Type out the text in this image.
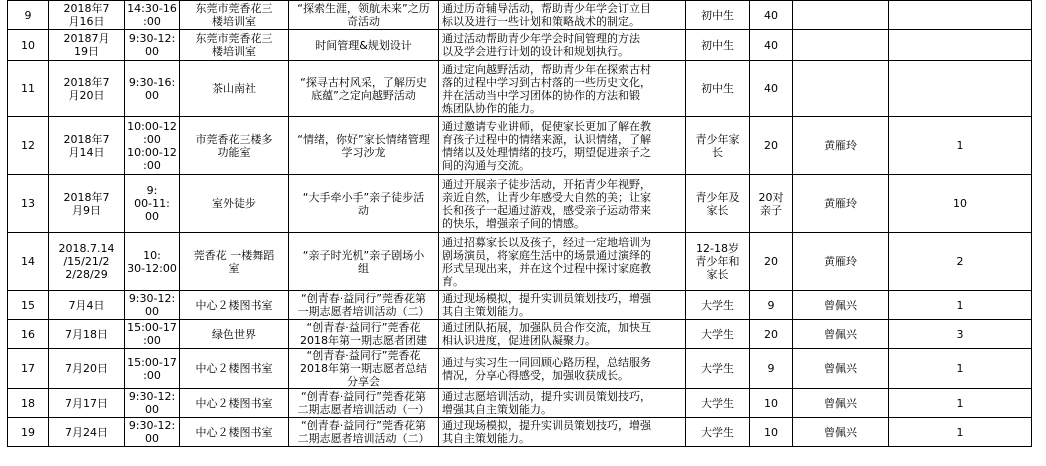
9	2018年7
月16日	14:30-16
:00	东莞市莞香花三
楼培训室	“探索生涯，领航未来”之历
奇活动	通过历奇辅导活动，帮助青少年学会订立目
标以及进行一些计划和策略战术的制定。	初中生	40		
10	20187月
19日	9:30-12:
00	东莞市莞香花三
楼培训室	时间管理&规划设计	通过活动帮助青少年学会时间管理的方法
以及学会进行计划的设计和规划执行。	初中生	40		
11	2018年7
月20日	9:30-16:
00	茶山南社	“探寻古村风采，了解历史
底蕴”之定向越野活动	通过定向越野活动，帮助青少年在探索古村
落的过程中学习到古村落的一些历史文化，
并在活动当中学习团体的协作的方法和锻
炼团队协作的能力。	初中生	40		
12	2018年7
月14日	10:00-12
:00
10:00-12
:00	市莞香花三楼多
功能室	“情绪，你好”家长情绪管理
学习沙龙	通过邀请专业讲师，促使家长更加了解在教
育孩子过程中的情绪来源，认识情绪，了解
情绪以及处理情绪的技巧，期望促进亲子之
间的沟通与交流。	青少年家
长	20	黄雁玲	1
13	2018年7
月9日	9:
00-11:
00	室外徒步	“大手牵小手”亲子徒步活
动	通过开展亲子徒步活动，开拓青少年视野，
亲近自然，让青少年感受大自然的美；让家
长和孩子一起通过游戏，感受亲子运动带来
的快乐，增强亲子间的情感。	青少年及
家长	20对
亲子	黄雁玲	10
14	2018.7.14
/15/21/2
2/28/29	10:
30-12:00	莞香花 一楼舞蹈
室	“亲子时光机”亲子剧场小
组	通过招募家长以及孩子，经过一定地培训为
剧场演员，将家庭生活中的场景通过演绎的
形式呈现出来，并在这个过程中探讨家庭教
育。	12-18岁
青少年和
家长	20	黄雁玲	2
15	7月4日	9:30-12:
00	中心２楼图书室	“创青春·益同行”莞香花第
一期志愿者培训活动（二）	通过现场模拟，提升实训员策划技巧，增强
其自主策划能力。	大学生	9	曾佩兴	1
16	7月18日	15:00-17
:00	绿色世界	“创青春·益同行”莞香花
2018年第一期志愿者团建	通过团队拓展，加强队员合作交流，加快互
相认识进度，促进团队凝聚力。	大学生	20	曾佩兴	3
17	7月20日	15:00-17
:00	中心２楼图书室	“创青春·益同行”莞香花
2018年第一期志愿者总结
分享会	通过与实习生一同回顾心路历程，总结服务
情况，分享心得感受，加强收获成长。	大学生	9	曾佩兴	1
18	7月17日	9:30-12:
00	中心２楼图书室	“创青春·益同行”莞香花第
二期志愿者培训活动（一）	通过志愿培训活动，提升实训员策划技巧，
增强其自主策划能力。	大学生	10	曾佩兴	1
19	7月24日	9:30-12:
00	中心２楼图书室	“创青春·益同行”莞香花第
二期志愿者培训活动（二）	通过现场模拟，提升实训员策划技巧，增强
其自主策划能力。	大学生	10	曾佩兴	1
